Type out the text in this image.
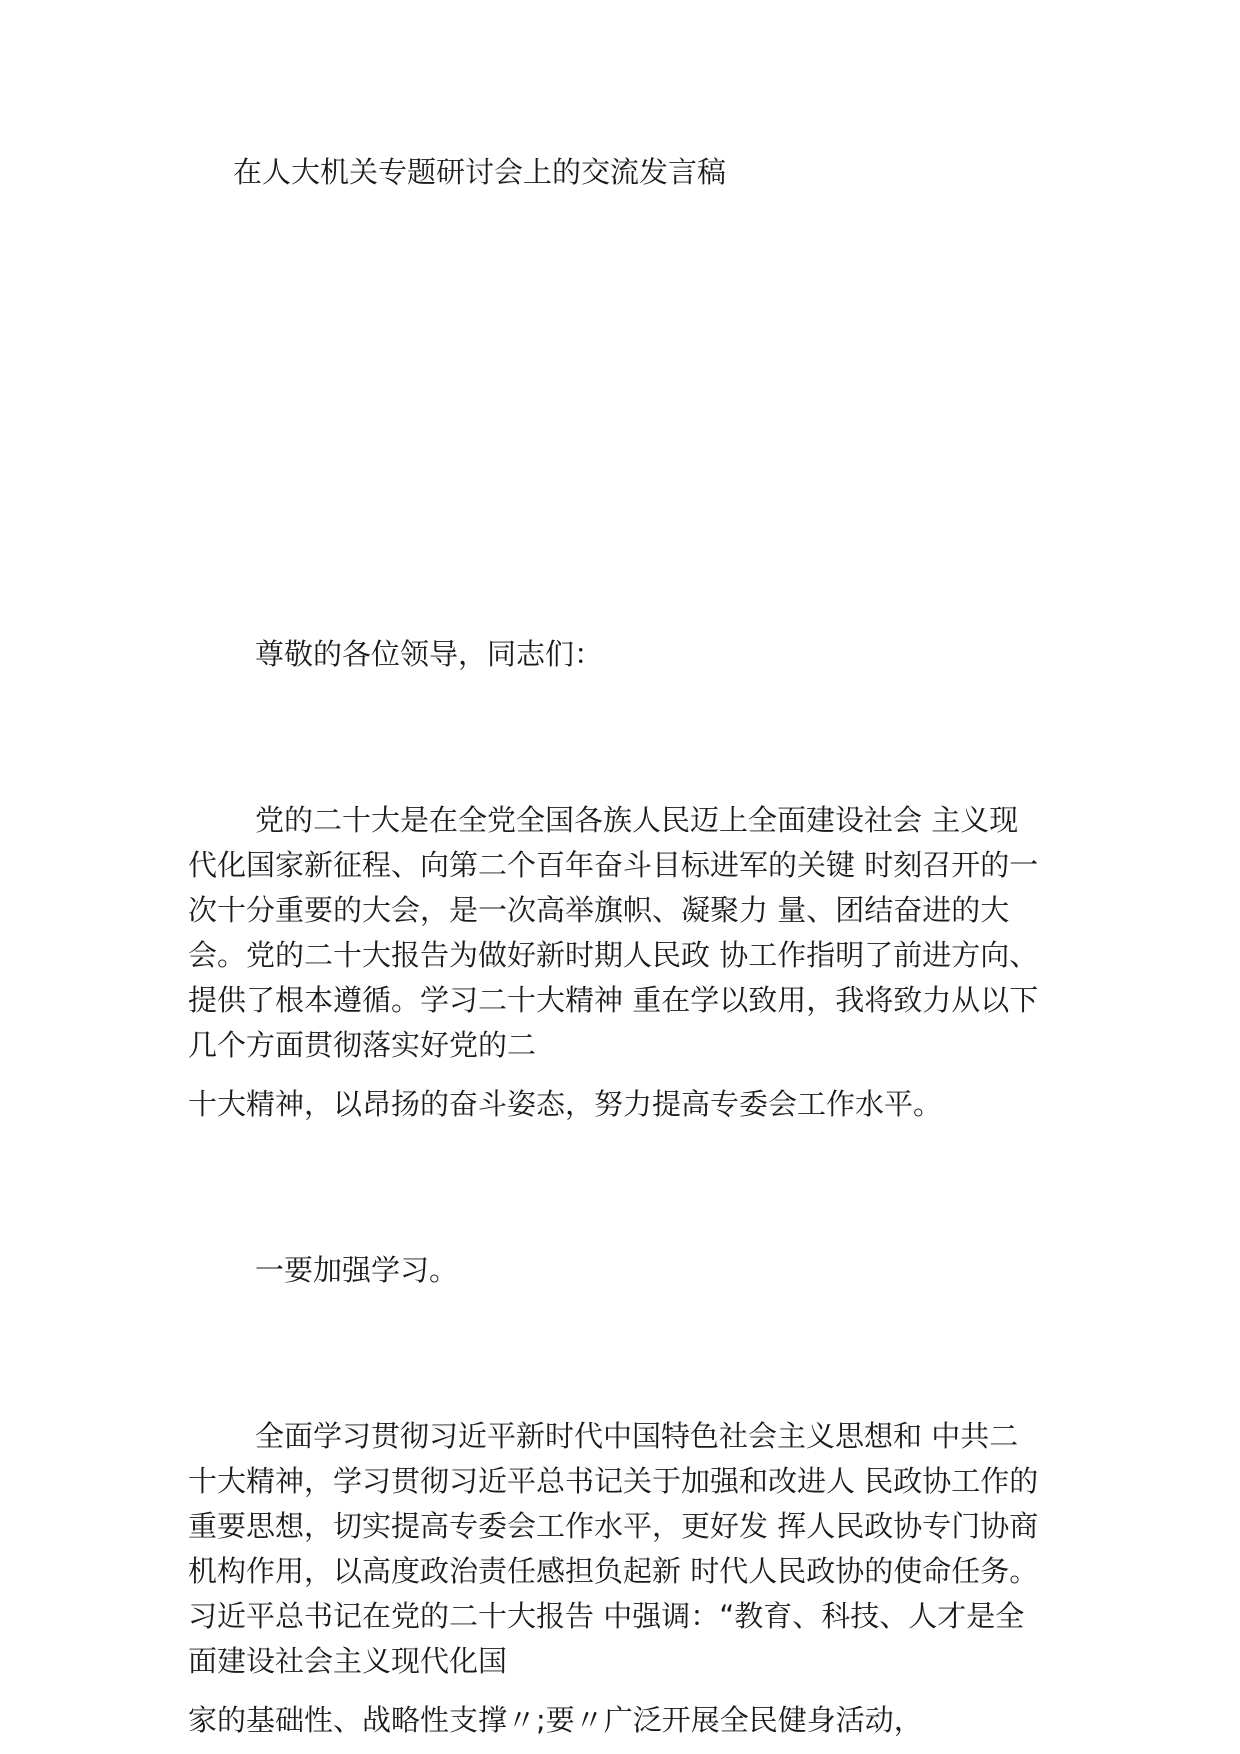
在人大机关专题研讨会上的交流发言稿
尊敬的各位领导，同志们：
党的二十大是在全党全国各族人民迈上全面建设社会 主义现
代化国家新征程、向第二个百年奋斗目标进军的关键 时刻召开的一
次十分重要的大会，是一次高举旗帜、凝聚力 量、团结奋进的大
会。党的二十大报告为做好新时期人民政 协工作指明了前进方向、
提供了根本遵循。学习二十大精神 重在学以致用，我将致力从以下
几个方面贯彻落实好党的二
十大精神，以昂扬的奋斗姿态，努力提高专委会工作水平。
一要加强学习。
全面学习贯彻习近平新时代中国特色社会主义思想和 中共二
十大精神，学习贯彻习近平总书记关于加强和改进人 民政协工作的
重要思想，切实提高专委会工作水平，更好发 挥人民政协专门协商
机构作用，以高度政治责任感担负起新 时代人民政协的使命任务。
习近平总书记在党的二十大报告 中强调：“教育、科技、人才是全
面建设社会主义现代化国
家的基础性、战略性支撑〃;要〃广泛开展全民健身活动，
